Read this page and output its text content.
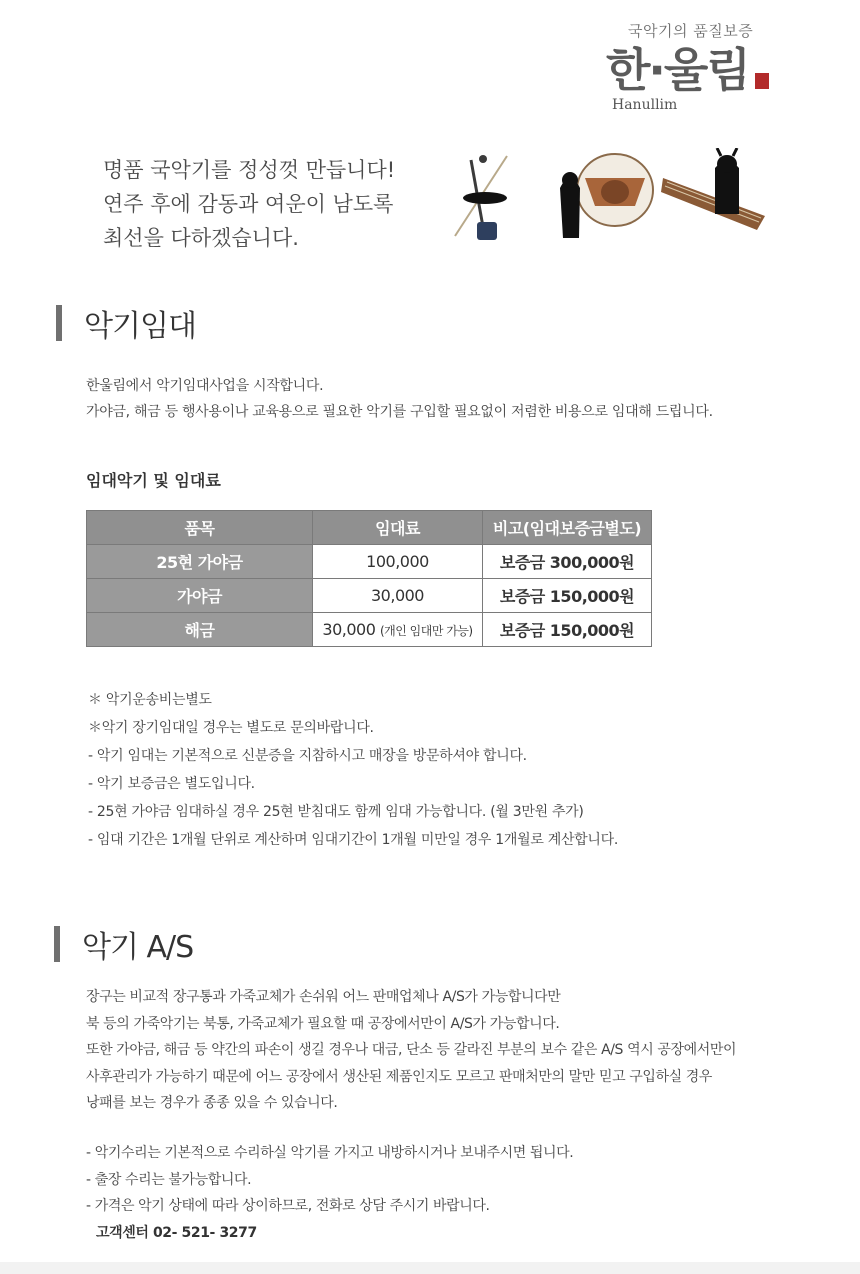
국악기의 품질보증
한·울림
Hanullim
명품 국악기를 정성껏 만듭니다!
연주 후에 감동과 여운이 남도록
최선을 다하겠습니다.
악기임대
한울림에서 악기임대사업을 시작합니다.
가야금, 해금 등 행사용이나 교육용으로 필요한 악기를 구입할 필요없이 저렴한 비용으로 임대해 드립니다.
임대악기 및 임대료
품목	임대료	비고(임대보증금별도)
25현 가야금	100,000	보증금 300,000원
가야금	30,000	보증금 150,000원
해금	30,000 (개인 임대만 가능)	보증금 150,000원
＊ 악기운송비는별도
＊악기 장기임대일 경우는 별도로 문의바랍니다.
- 악기 임대는 기본적으로 신분증을 지참하시고 매장을 방문하셔야 합니다.
- 악기 보증금은 별도입니다.
- 25현 가야금 임대하실 경우 25현 받침대도 함께 임대 가능합니다. (월 3만원 추가)
- 임대 기간은 1개월 단위로 계산하며 임대기간이 1개월 미만일 경우 1개월로 계산합니다.
악기 A/S
장구는 비교적 장구통과 가죽교체가 손쉬워 어느 판매업체나 A/S가 가능합니다만
북 등의 가죽악기는 북통, 가죽교체가 필요할 때 공장에서만이 A/S가 가능합니다.
또한 가야금, 해금 등 약간의 파손이 생길 경우나 대금, 단소 등 갈라진 부분의 보수 같은 A/S 역시 공장에서만이
사후관리가 가능하기 때문에 어느 공장에서 생산된 제품인지도 모르고 판매처만의 말만 믿고 구입하실 경우
낭패를 보는 경우가 종종 있을 수 있습니다.
- 악기수리는 기본적으로 수리하실 악기를 가지고 내방하시거나 보내주시면 됩니다.
- 출장 수리는 불가능합니다.
- 가격은 악기 상태에 따라 상이하므로, 전화로 상담 주시기 바랍니다.
고객센터 02- 521- 3277
